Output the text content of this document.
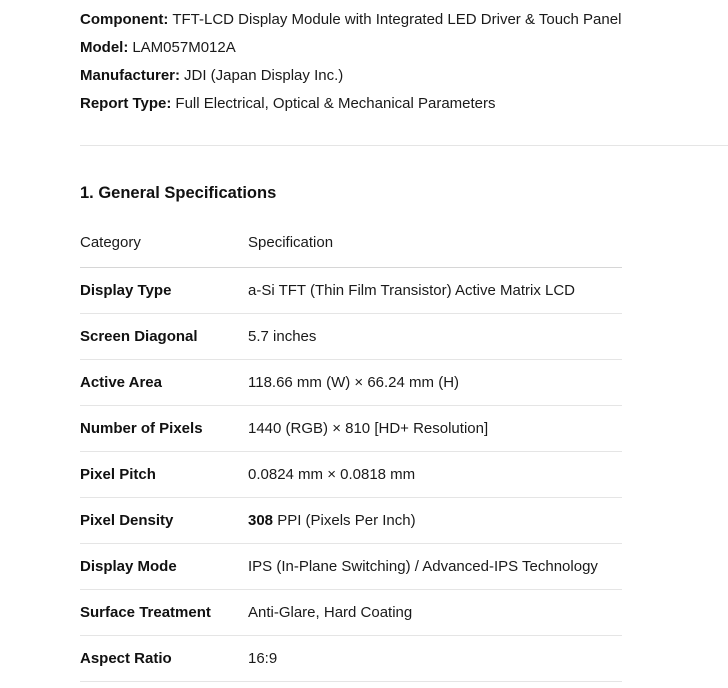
Component: TFT-LCD Display Module with Integrated LED Driver & Touch Panel

Model: LAM057M012A

Manufacturer: JDI (Japan Display Inc.)

Report Type: Full Electrical, Optical & Mechanical Parameters

1. General Specifications
Category	Specification
Display Type	a-Si TFT (Thin Film Transistor) Active Matrix LCD
Screen Diagonal	5.7 inches
Active Area	118.66 mm (W) × 66.24 mm (H)
Number of Pixels	1440 (RGB) × 810 [HD+ Resolution]
Pixel Pitch	0.0824 mm × 0.0818 mm
Pixel Density	308 PPI (Pixels Per Inch)
Display Mode	IPS (In-Plane Switching) / Advanced-IPS Technology
Surface Treatment	Anti-Glare, Hard Coating
Aspect Ratio	16:9
